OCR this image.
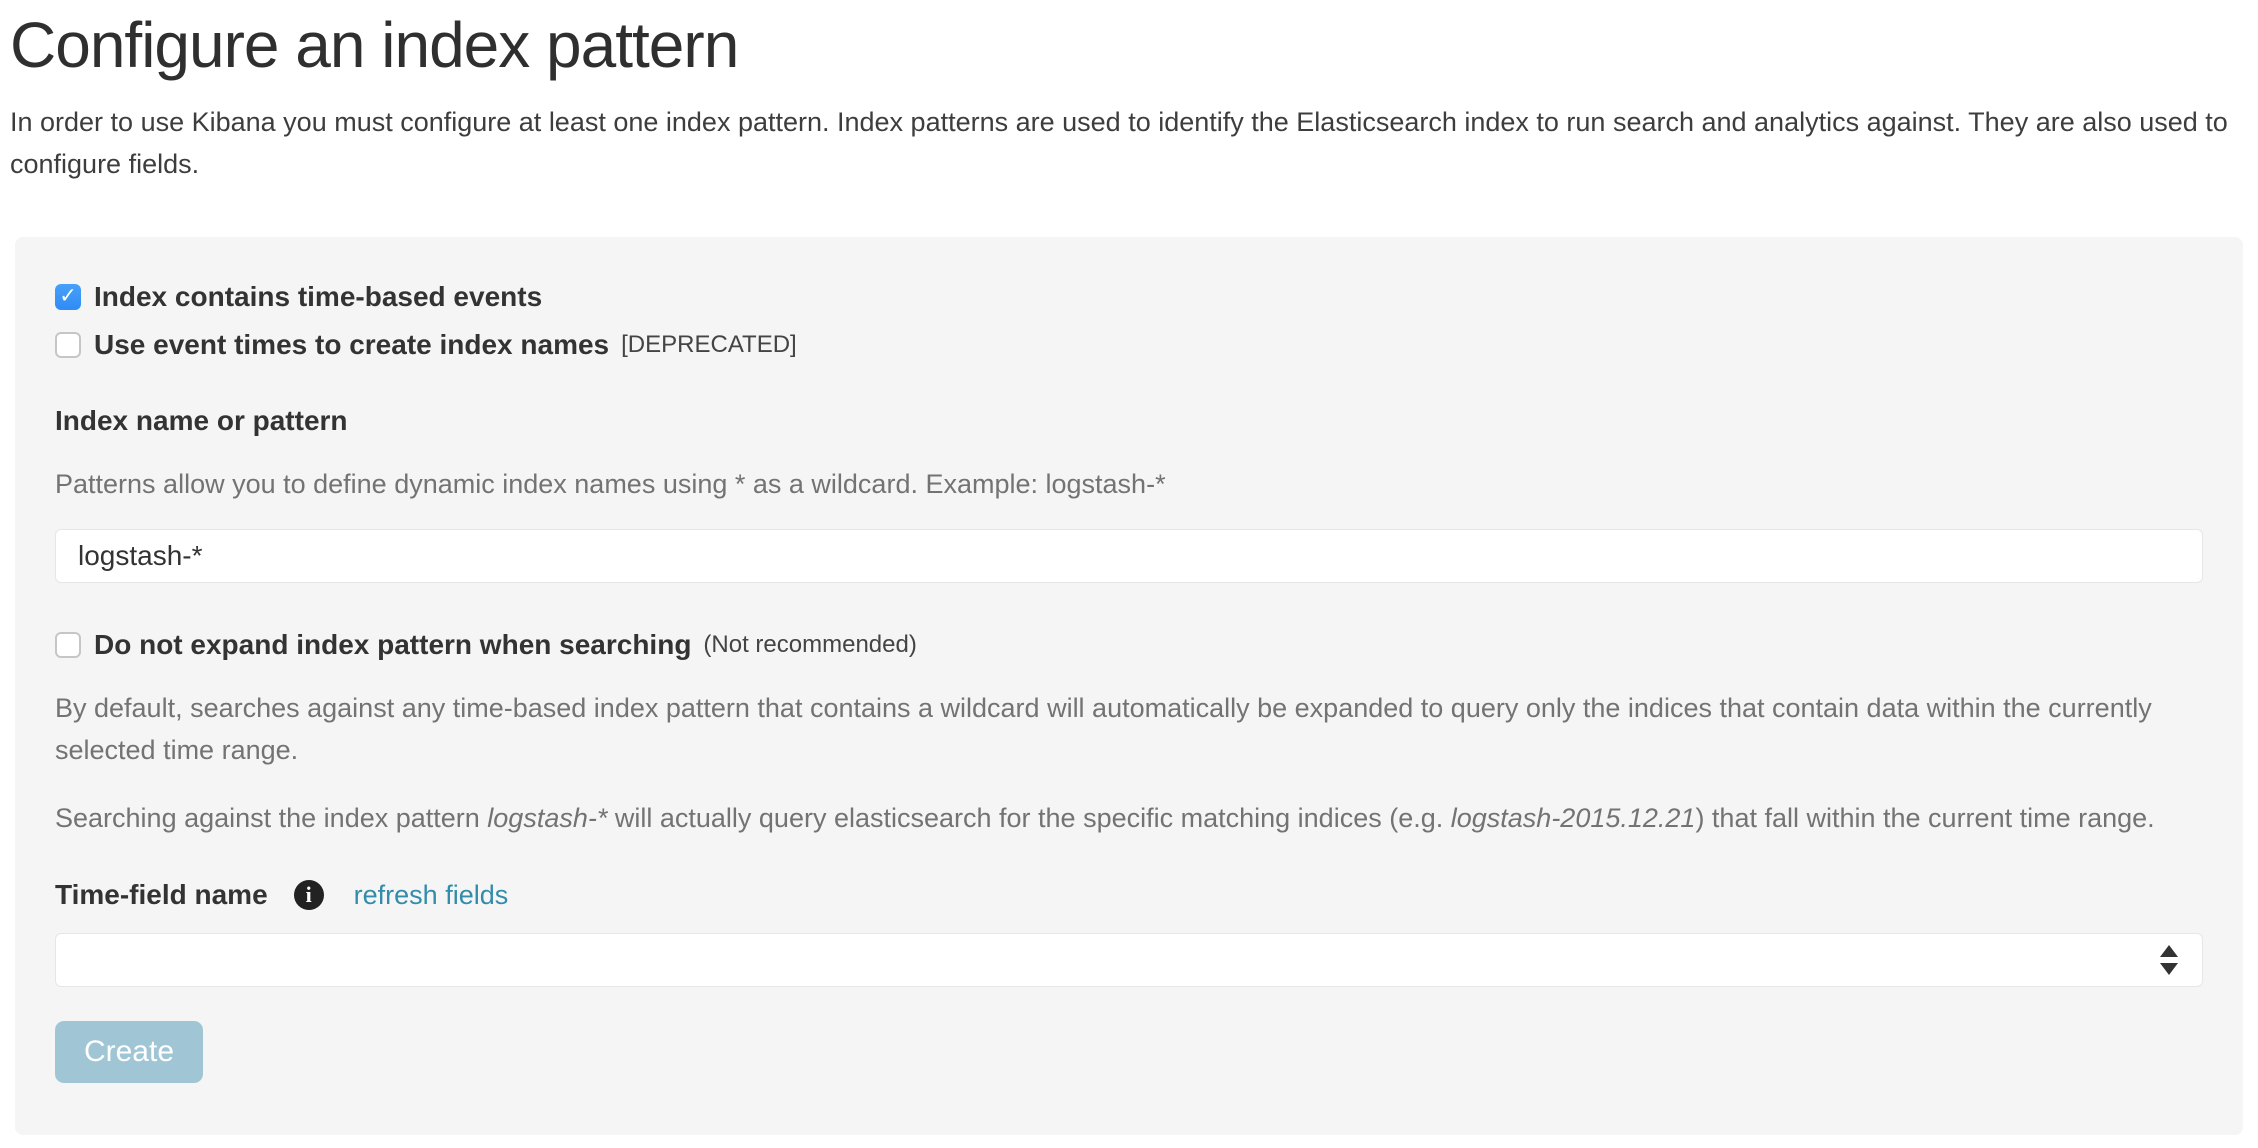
Configure an index pattern

In order to use Kibana you must configure at least one index pattern. Index patterns are used to identify the Elasticsearch index to run search and analytics against. They are also used to configure fields.

✓
Index contains time-based events
Use event times to create index names [DEPRECATED]
Index name or pattern

Patterns allow you to define dynamic index names using * as a wildcard. Example: logstash-*

logstash-*
Do not expand index pattern when searching (Not recommended)

By default, searches against any time-based index pattern that contains a wildcard will automatically be expanded to query only the indices that contain data within the currently selected time range.

Searching against the index pattern logstash-* will actually query elasticsearch for the specific matching indices (e.g. logstash-2015.12.21) that fall within the current time range.

Time-field name	i	refresh fields
Create
